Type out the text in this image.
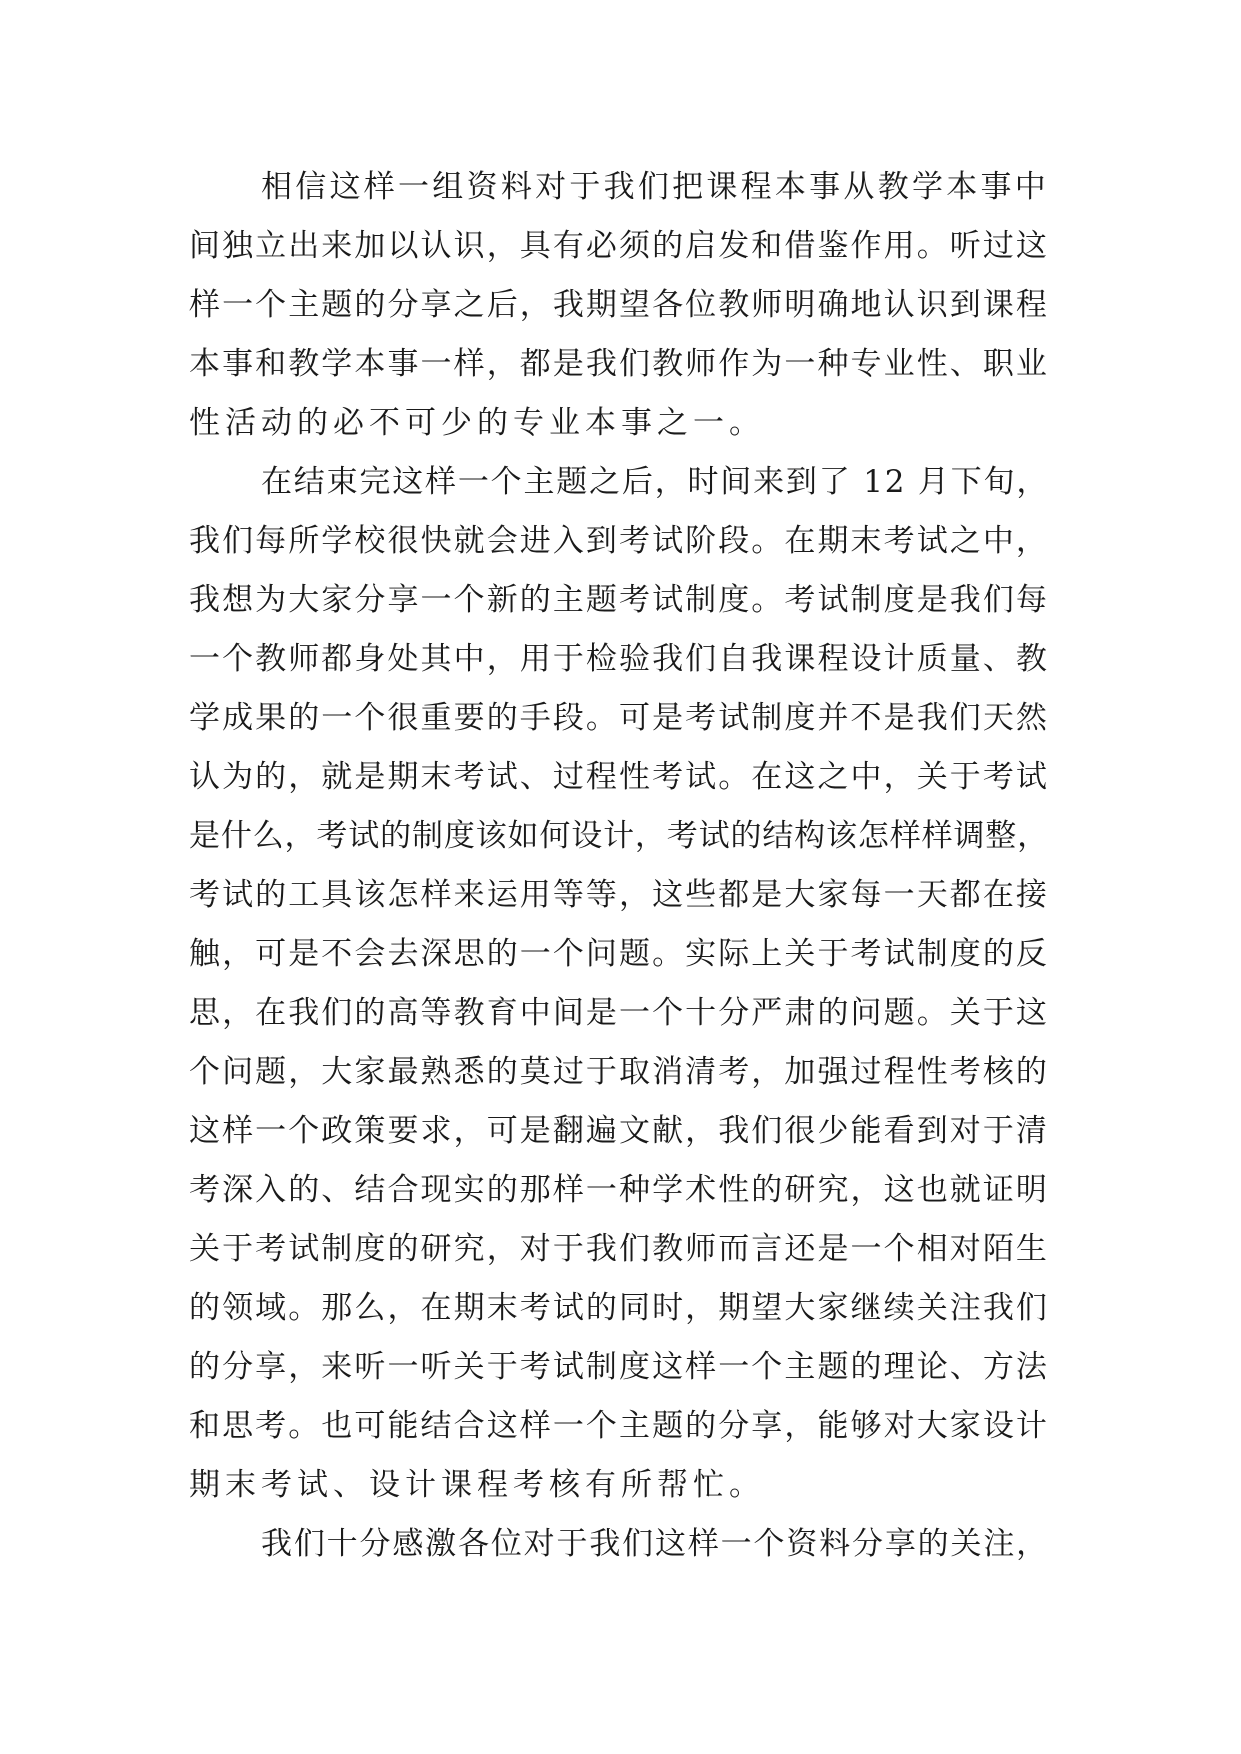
相信这样一组资料对于我们把课程本事从教学本事中
间独立出来加以认识，具有必须的启发和借鉴作用。听过这
样一个主题的分享之后，我期望各位教师明确地认识到课程
本事和教学本事一样，都是我们教师作为一种专业性、职业
性活动的必不可少的专业本事之一。

在结束完这样一个主题之后，时间来到了 12 月下旬，
我们每所学校很快就会进入到考试阶段。在期末考试之中，
我想为大家分享一个新的主题考试制度。考试制度是我们每
一个教师都身处其中，用于检验我们自我课程设计质量、教
学成果的一个很重要的手段。可是考试制度并不是我们天然
认为的，就是期末考试、过程性考试。在这之中，关于考试
是什么，考试的制度该如何设计，考试的结构该怎样样调整，
考试的工具该怎样来运用等等，这些都是大家每一天都在接
触，可是不会去深思的一个问题。实际上关于考试制度的反
思，在我们的高等教育中间是一个十分严肃的问题。关于这
个问题，大家最熟悉的莫过于取消清考，加强过程性考核的
这样一个政策要求，可是翻遍文献，我们很少能看到对于清
考深入的、结合现实的那样一种学术性的研究，这也就证明
关于考试制度的研究，对于我们教师而言还是一个相对陌生
的领域。那么，在期末考试的同时，期望大家继续关注我们
的分享，来听一听关于考试制度这样一个主题的理论、方法
和思考。也可能结合这样一个主题的分享，能够对大家设计
期末考试、设计课程考核有所帮忙。

我们十分感激各位对于我们这样一个资料分享的关注，
